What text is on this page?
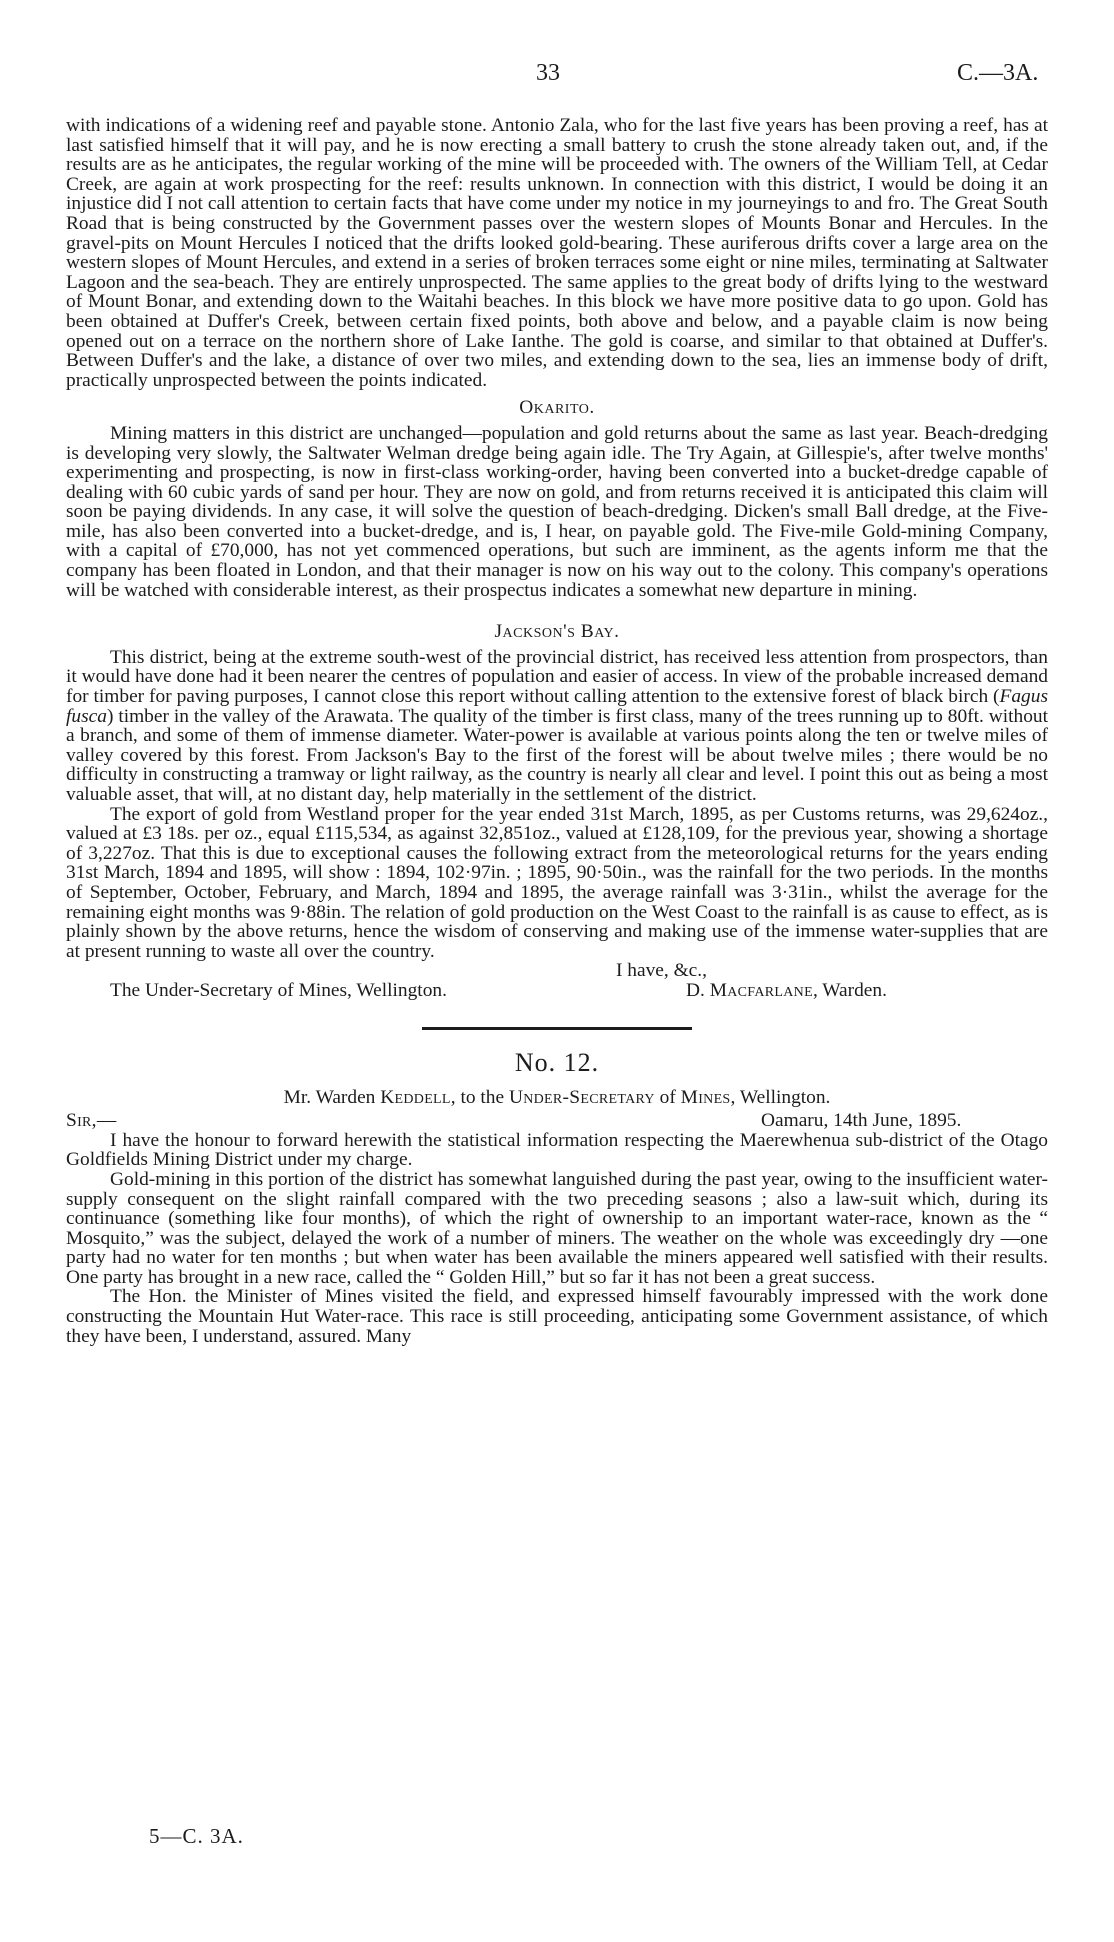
33	C.—3A.

with indications of a widening reef and payable stone. Antonio Zala, who for the last five years has been proving a reef, has at last satisfied himself that it will pay, and he is now erecting a small battery to crush the stone already taken out, and, if the results are as he anticipates, the regular working of the mine will be proceeded with. The owners of the William Tell, at Cedar Creek, are again at work prospecting for the reef: results unknown. In connection with this district, I would be doing it an injustice did I not call attention to certain facts that have come under my notice in my journeyings to and fro. The Great South Road that is being constructed by the Government passes over the western slopes of Mounts Bonar and Hercules. In the gravel-pits on Mount Hercules I noticed that the drifts looked gold-bearing. These auriferous drifts cover a large area on the western slopes of Mount Hercules, and extend in a series of broken terraces some eight or nine miles, terminating at Saltwater Lagoon and the sea-beach. They are entirely unprospected. The same applies to the great body of drifts lying to the westward of Mount Bonar, and extending down to the Waitahi beaches. In this block we have more positive data to go upon. Gold has been obtained at Duffer's Creek, between certain fixed points, both above and below, and a payable claim is now being opened out on a terrace on the northern shore of Lake Ianthe. The gold is coarse, and similar to that obtained at Duffer's. Between Duffer's and the lake, a distance of over two miles, and extending down to the sea, lies an immense body of drift, practically unprospected between the points indicated.

Okarito.

Mining matters in this district are unchanged—population and gold returns about the same as last year. Beach-dredging is developing very slowly, the Saltwater Welman dredge being again idle. The Try Again, at Gillespie's, after twelve months' experimenting and prospecting, is now in first-class working-order, having been converted into a bucket-dredge capable of dealing with 60 cubic yards of sand per hour. They are now on gold, and from returns received it is anticipated this claim will soon be paying dividends. In any case, it will solve the question of beach-dredging. Dicken's small Ball dredge, at the Five-mile, has also been converted into a bucket-dredge, and is, I hear, on payable gold. The Five-mile Gold-mining Company, with a capital of £70,000, has not yet commenced operations, but such are imminent, as the agents inform me that the company has been floated in London, and that their manager is now on his way out to the colony. This company's operations will be watched with considerable interest, as their prospectus indicates a somewhat new departure in mining.

Jackson's Bay.

This district, being at the extreme south-west of the provincial district, has received less attention from prospectors, than it would have done had it been nearer the centres of population and easier of access. In view of the probable increased demand for timber for paving purposes, I cannot close this report without calling attention to the extensive forest of black birch (Fagus fusca) timber in the valley of the Arawata. The quality of the timber is first class, many of the trees running up to 80ft. without a branch, and some of them of immense diameter. Water-power is available at various points along the ten or twelve miles of valley covered by this forest. From Jackson's Bay to the first of the forest will be about twelve miles ; there would be no difficulty in constructing a tramway or light railway, as the country is nearly all clear and level. I point this out as being a most valuable asset, that will, at no distant day, help materially in the settlement of the district.

The export of gold from Westland proper for the year ended 31st March, 1895, as per Customs returns, was 29,624oz., valued at £3 18s. per oz., equal £115,534, as against 32,851oz., valued at £128,109, for the previous year, showing a shortage of 3,227oz. That this is due to exceptional causes the following extract from the meteorological returns for the years ending 31st March, 1894 and 1895, will show : 1894, 102·97in. ; 1895, 90·50in., was the rainfall for the two periods. In the months of September, October, February, and March, 1894 and 1895, the average rainfall was 3·31in., whilst the average for the remaining eight months was 9·88in. The relation of gold production on the West Coast to the rainfall is as cause to effect, as is plainly shown by the above returns, hence the wisdom of conserving and making use of the immense water-supplies that are at present running to waste all over the country.

I have, &c.,
The Under-Secretary of Mines, Wellington.	D. Macfarlane, Warden.

No. 12.

Mr. Warden Keddell, to the Under-Secretary of Mines, Wellington.

Sir,—	Oamaru, 14th June, 1895.

I have the honour to forward herewith the statistical information respecting the Maerewhenua sub-district of the Otago Goldfields Mining District under my charge.

Gold-mining in this portion of the district has somewhat languished during the past year, owing to the insufficient water-supply consequent on the slight rainfall compared with the two preceding seasons ; also a law-suit which, during its continuance (something like four months), of which the right of ownership to an important water-race, known as the “ Mosquito,” was the subject, delayed the work of a number of miners. The weather on the whole was exceedingly dry —one party had no water for ten months ; but when water has been available the miners appeared well satisfied with their results. One party has brought in a new race, called the “ Golden Hill,” but so far it has not been a great success.

The Hon. the Minister of Mines visited the field, and expressed himself favourably impressed with the work done constructing the Mountain Hut Water-race. This race is still proceeding, anticipating some Government assistance, of which they have been, I understand, assured. Many

5—C. 3A.
